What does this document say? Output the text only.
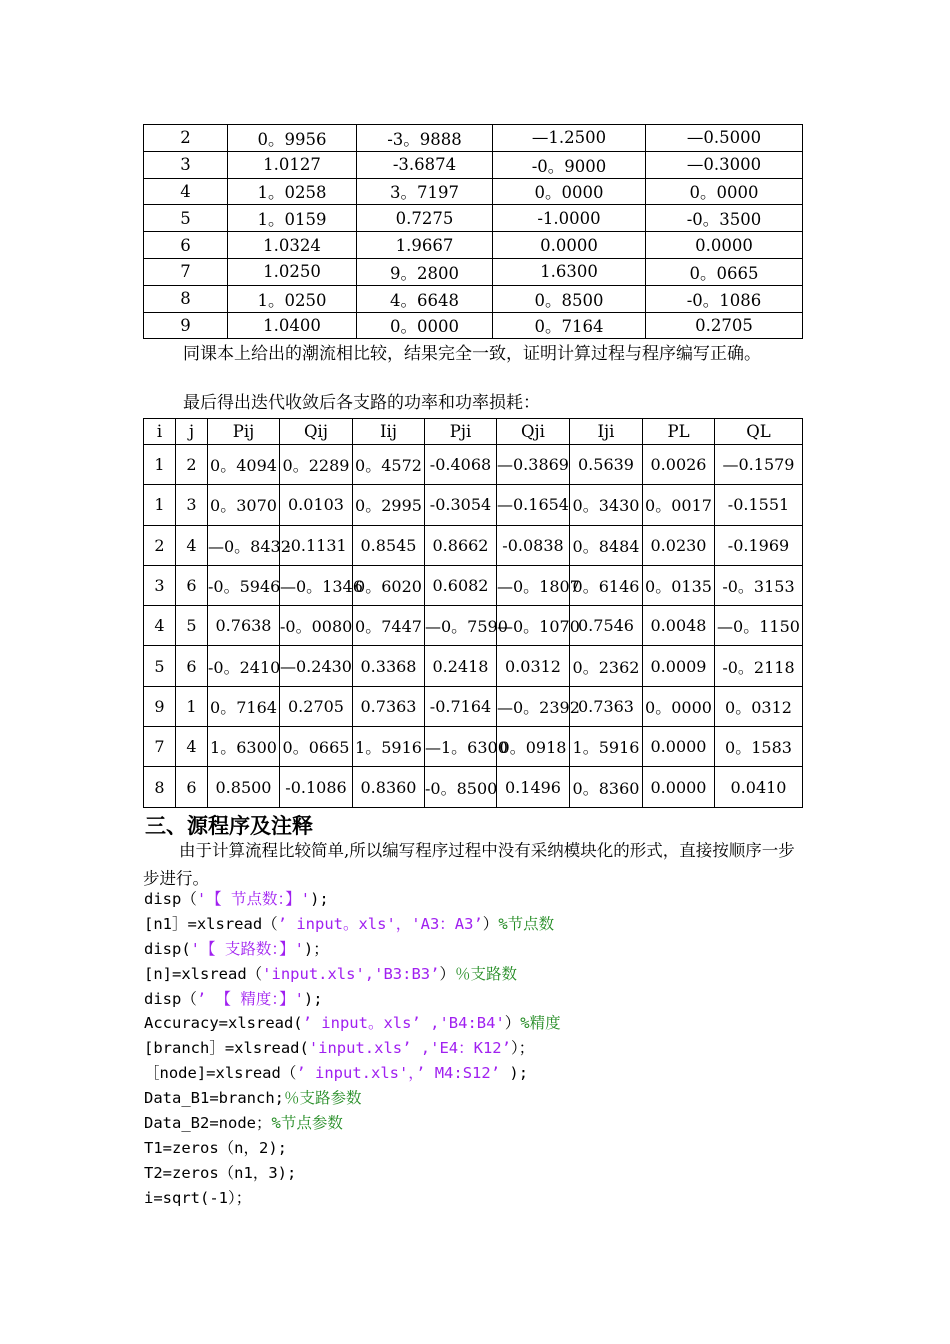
2	0。9956	-3。9888	—1.2500	—0.5000
3	1.0127	-3.6874	-0。9000	—0.3000
4	1。0258	3。7197	0。0000	0。0000
5	1。0159	0.7275	-1.0000	-0。3500
6	1.0324	1.9667	0.0000	0.0000
7	1.0250	9。2800	1.6300	0。0665
8	1。0250	4。6648	0。8500	-0。1086
9	1.0400	0。0000	0。7164	0.2705

同课本上给出的潮流相比较，结果完全一致，证明计算过程与程序编写正确。

最后得出迭代收敛后各支路的功率和功率损耗：

i	j	Pij	Qij	Iij	Pji	Qji	Iji	PL	QL
1	2	0。4094	0。2289	0。4572	-0.4068	—0.3869	0.5639	0.0026	—0.1579
1	3	0。3070	0.0103	0。2995	-0.3054	—0.1654	0。3430	0。0017	-0.1551
2	4	—0。8432	-0.1131	0.8545	0.8662	-0.0838	0。8484	0.0230	-0.1969
3	6	-0。5946	—0。1346	0。6020	0.6082	—0。1807	0。6146	0。0135	-0。3153
4	5	0.7638	-0。0080	0。7447	—0。7590	—0。1070	0.7546	0.0048	—0。1150
5	6	-0。2410	—0.2430	0.3368	0.2418	0.0312	0。2362	0.0009	-0。2118
9	1	0。7164	0.2705	0.7363	-0.7164	—0。2392	0.7363	0。0000	0。0312
7	4	1。6300	0。0665	1。5916	—1。6300	0。0918	1。5916	0.0000	0。1583
8	6	0.8500	-0.1086	0.8360	-0。8500	0.1496	0。8360	0.0000	0.0410
三、源程序及注释

由于计算流程比较简单,所以编写程序过程中没有采纳模块化的形式，直接按顺序一步步进行。

disp（'【 节点数：】');
[n1］=xlsread（’ input。xls'，'A3：A3’）%节点数
disp('【 支路数：】')；
[n]=xlsread（'input.xls','B3:B3’）％支路数
disp（’ 【 精度：】');
Accuracy=xlsread(’ input。xls’ ,'B4:B4'）%精度
[branch］=xlsread('input.xls’ ,'E4：K12’）；
［node]=xlsread（’ input.xls'，’ M4:S12’ );
Data_B1=branch;％支路参数
Data_B2=node；%节点参数
T1=zeros（n，2);
T2=zeros（n1，3);
i=sqrt(-1）；
